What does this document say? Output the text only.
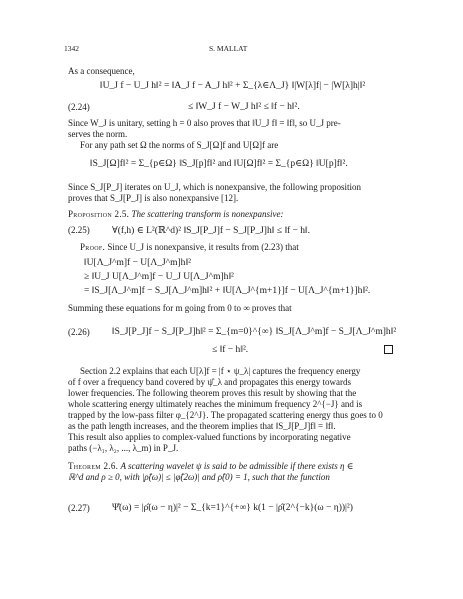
1342	S. MALLAT
As a consequence,
‖U_J f − U_J h‖² = ‖A_J f − A_J h‖² + Σ_{λ∈Λ_J} ‖|W[λ]f| − |W[λ]h|‖²
(2.24)	≤ ‖W_J f − W_J h‖² ≤ ‖f − h‖².
Since W_J is unitary, setting h = 0 also proves that ‖U_J f‖ = ‖f‖, so U_J pre-
serves the norm.
For any path set Ω the norms of S_J[Ω]f and U[Ω]f are
‖S_J[Ω]f‖² = Σ_{p∈Ω} ‖S_J[p]f‖² and ‖U[Ω]f‖² = Σ_{p∈Ω} ‖U[p]f‖².
Since S_J[P_J] iterates on U_J, which is nonexpansive, the following proposition
proves that S_J[P_J] is also nonexpansive [12].
Proposition 2.5. The scattering transform is nonexpansive:
(2.25) ∀(f,h) ∈ L²(ℝ^d)² ‖S_J[P_J]f − S_J[P_J]h‖ ≤ ‖f − h‖.
Proof. Since U_J is nonexpansive, it results from (2.23) that
‖U[Λ_J^m]f − U[Λ_J^m]h‖²
≥ ‖U_J U[Λ_J^m]f − U_J U[Λ_J^m]h‖²
= ‖S_J[Λ_J^m]f − S_J[Λ_J^m]h‖² + ‖U[Λ_J^{m+1}]f − U[Λ_J^{m+1}]h‖².
Summing these equations for m going from 0 to ∞ proves that
(2.26) ‖S_J[P_J]f − S_J[P_J]h‖² = Σ_{m=0}^{∞} ‖S_J[Λ_J^m]f − S_J[Λ_J^m]h‖²
≤ ‖f − h‖².
Section 2.2 explains that each U[λ]f = |f ⋆ ψ_λ| captures the frequency energy
of f over a frequency band covered by ψ̂_λ and propagates this energy towards
lower frequencies. The following theorem proves this result by showing that the
whole scattering energy ultimately reaches the minimum frequency 2^{−J} and is
trapped by the low-pass filter φ_{2^J}. The propagated scattering energy thus goes to 0
as the path length increases, and the theorem implies that ‖S_J[P_J]f‖ = ‖f‖.
This result also applies to complex-valued functions by incorporating negative
paths (−λ₁, λ₂, ..., λ_m) in P_J.
Theorem 2.6. A scattering wavelet ψ is said to be admissible if there exists η ∈
ℝ^d and ρ ≥ 0, with |ρ̂(ω)| ≤ |φ̂(2ω)| and ρ̂(0) = 1, such that the function
(2.27) Ψ̂(ω) = |ρ̂(ω − η)|² − Σ_{k=1}^{+∞} k(1 − |ρ̂(2^{−k}(ω − η))|²)
